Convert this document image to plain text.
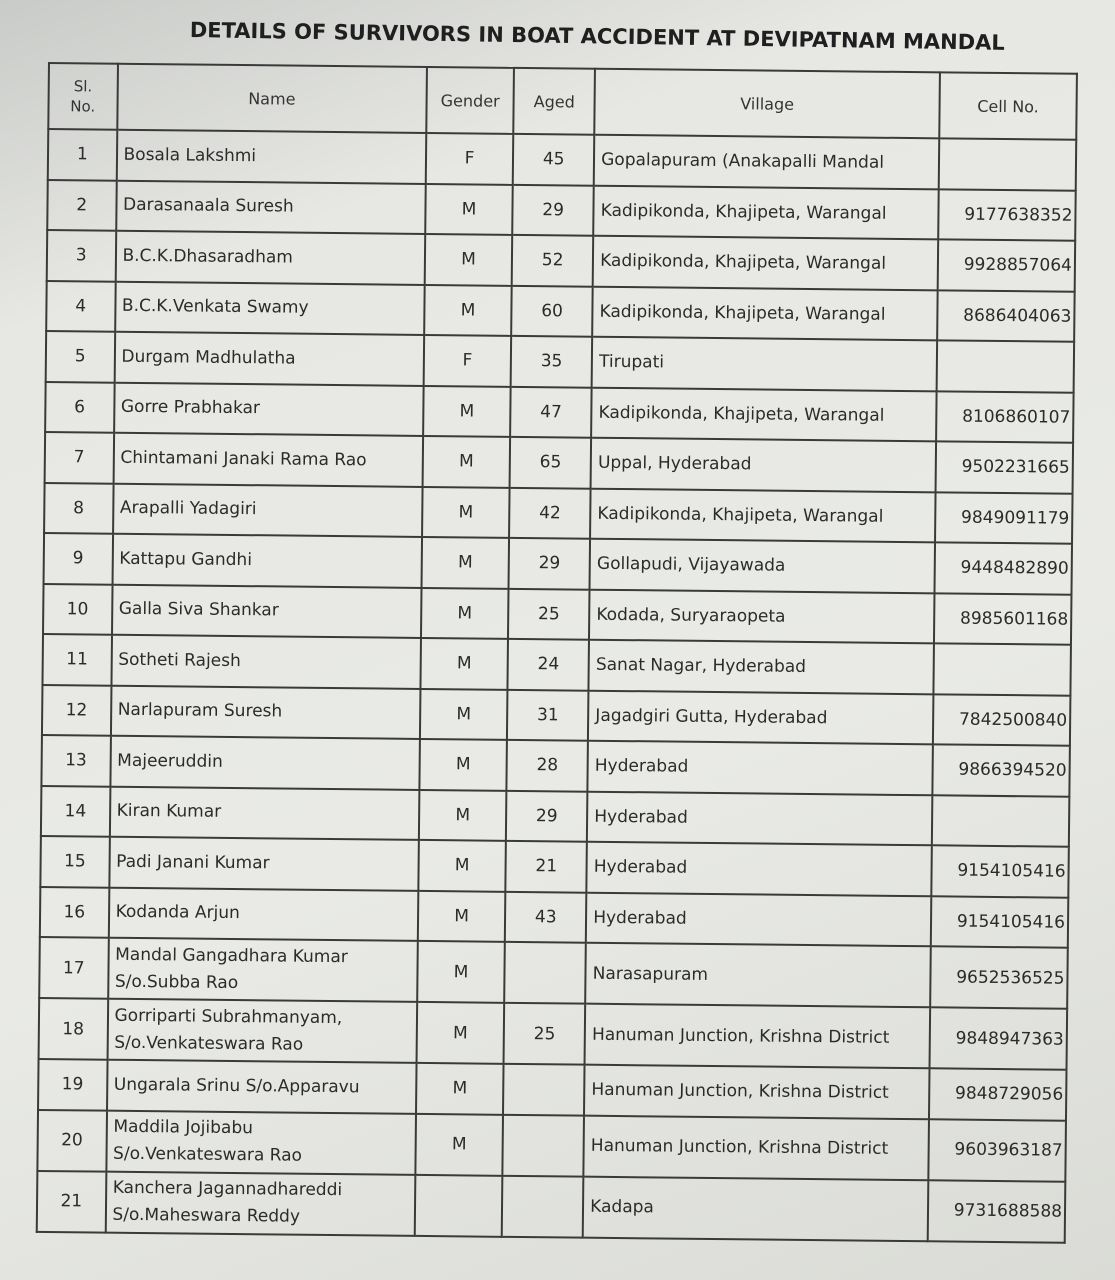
DETAILS OF SURVIVORS IN BOAT ACCIDENT AT DEVIPATNAM MANDAL
Sl.
No.	Name	Gender	Aged	Village	Cell No.
1	Bosala Lakshmi	F	45	Gopalapuram (Anakapalli Mandal	
2	Darasanaala Suresh	M	29	Kadipikonda, Khajipeta, Warangal	9177638352
3	B.C.K.Dhasaradham	M	52	Kadipikonda, Khajipeta, Warangal	9928857064
4	B.C.K.Venkata Swamy	M	60	Kadipikonda, Khajipeta, Warangal	8686404063
5	Durgam Madhulatha	F	35	Tirupati	
6	Gorre Prabhakar	M	47	Kadipikonda, Khajipeta, Warangal	8106860107
7	Chintamani Janaki Rama Rao	M	65	Uppal, Hyderabad	9502231665
8	Arapalli Yadagiri	M	42	Kadipikonda, Khajipeta, Warangal	9849091179
9	Kattapu Gandhi	M	29	Gollapudi, Vijayawada	9448482890
10	Galla Siva Shankar	M	25	Kodada, Suryaraopeta	8985601168
11	Sotheti Rajesh	M	24	Sanat Nagar, Hyderabad	
12	Narlapuram Suresh	M	31	Jagadgiri Gutta, Hyderabad	7842500840
13	Majeeruddin	M	28	Hyderabad	9866394520
14	Kiran Kumar	M	29	Hyderabad	
15	Padi Janani Kumar	M	21	Hyderabad	9154105416
16	Kodanda Arjun	M	43	Hyderabad	9154105416
17	Mandal Gangadhara Kumar S/o.Subba Rao	M		Narasapuram	9652536525
18	Gorriparti Subrahmanyam, S/o.Venkateswara Rao	M	25	Hanuman Junction, Krishna District	9848947363
19	Ungarala Srinu S/o.Apparavu	M		Hanuman Junction, Krishna District	9848729056
20	Maddila Jojibabu S/o.Venkateswara Rao	M		Hanuman Junction, Krishna District	9603963187
21	Kanchera Jagannadhareddi S/o.Maheswara Reddy			Kadapa	9731688588
